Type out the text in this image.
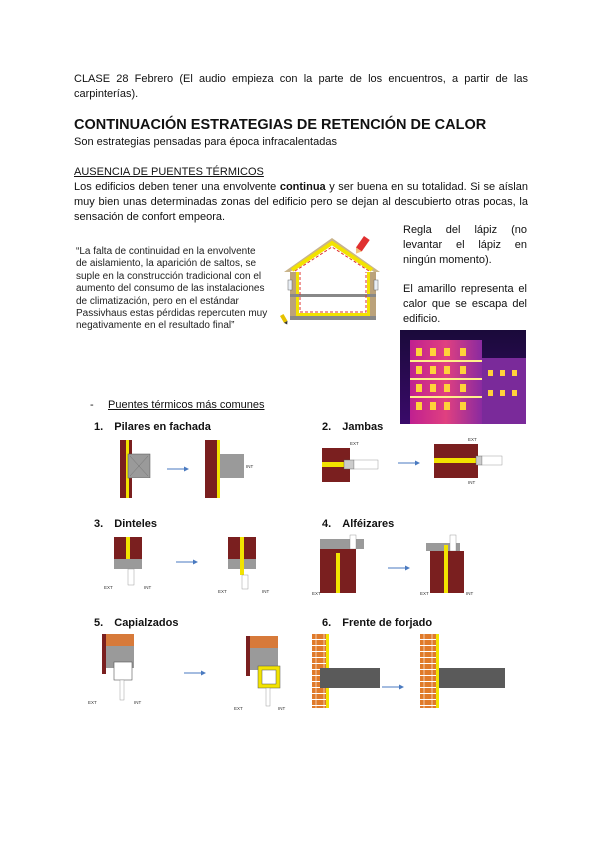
CLASE 28 Febrero (El audio empieza con la parte de los encuentros, a partir de las carpinterías).
CONTINUACIÓN ESTRATEGIAS DE RETENCIÓN DE CALOR
Son estrategias pensadas para época infracalentadas
AUSENCIA DE PUENTES TÉRMICOS
Los edificios deben tener una envolvente continua y ser buena en su totalidad. Si se aíslan muy bien unas determinadas zonas del edificio pero se dejan al descubierto otras pocas, la sensación de confort empeora.
“La falta de continuidad en la envolvente de aislamiento, la aparición de saltos, se suple en la construcción tradicional con el aumento del consumo de las instalaciones de climatización, pero en el estándar Passivhaus estas pérdidas repercuten muy negativamente en el resultado final”
Regla del lápiz (no levantar el lápiz en ningún momento).
El amarillo representa el calor que se escapa del edificio.
- Puentes térmicos más comunes
1. Pilares en fachada	2. Jambas
3. Dinteles	4. Alféizares
5. Capialzados	6. Frente de forjado
INT
EXT
EXT
INT
EXT	INT
EXT	INT	EXT	EXT	INT
EXT	INT
EXT	INT
